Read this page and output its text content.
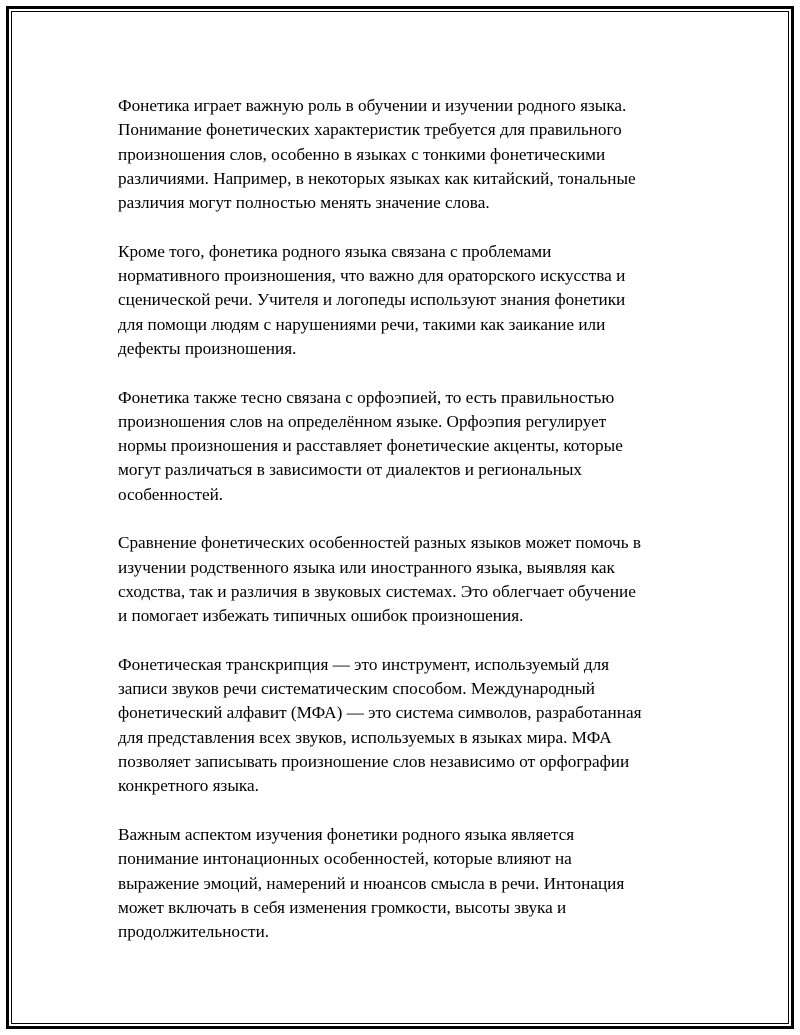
Фонетика играет важную роль в обучении и изучении родного языка.
Понимание фонетических характеристик требуется для правильного
произношения слов, особенно в языках с тонкими фонетическими
различиями. Например, в некоторых языках как китайский, тональные
различия могут полностью менять значение слова.

Кроме того, фонетика родного языка связана с проблемами
нормативного произношения, что важно для ораторского искусства и
сценической речи. Учителя и логопеды используют знания фонетики
для помощи людям с нарушениями речи, такими как заикание или
дефекты произношения.

Фонетика также тесно связана с орфоэпией, то есть правильностью
произношения слов на определённом языке. Орфоэпия регулирует
нормы произношения и расставляет фонетические акценты, которые
могут различаться в зависимости от диалектов и региональных
особенностей.

Сравнение фонетических особенностей разных языков может помочь в
изучении родственного языка или иностранного языка, выявляя как
сходства, так и различия в звуковых системах. Это облегчает обучение
и помогает избежать типичных ошибок произношения.

Фонетическая транскрипция — это инструмент, используемый для
записи звуков речи систематическим способом. Международный
фонетический алфавит (МФА) — это система символов, разработанная
для представления всех звуков, используемых в языках мира. МФА
позволяет записывать произношение слов независимо от орфографии
конкретного языка.

Важным аспектом изучения фонетики родного языка является
понимание интонационных особенностей, которые влияют на
выражение эмоций, намерений и нюансов смысла в речи. Интонация
может включать в себя изменения громкости, высоты звука и
продолжительности.
